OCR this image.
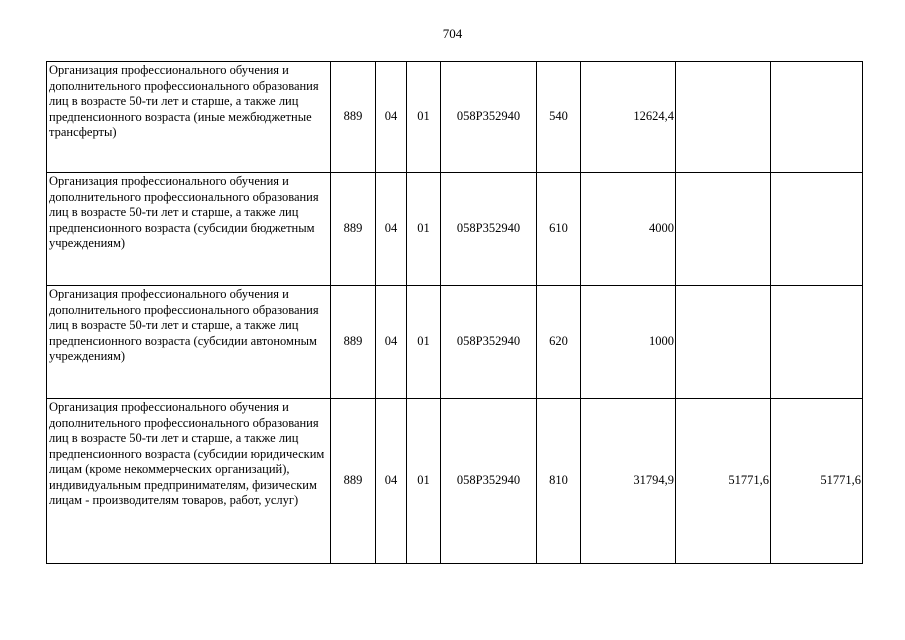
704
Организация профессионального обучения и дополнительного профессионального образования лиц в возрасте 50-ти лет и старше, а также лиц предпенсионного возраста (иные межбюджетные трансферты)	889	04	01	058Р352940	540	12624,4		
Организация профессионального обучения и дополнительного профессионального образования лиц в возрасте 50-ти лет и старше, а также лиц предпенсионного возраста (субсидии бюджетным учреждениям)	889	04	01	058Р352940	610	4000		
Организация профессионального обучения и дополнительного профессионального образования лиц в возрасте 50-ти лет и старше, а также лиц предпенсионного возраста (субсидии автономным учреждениям)	889	04	01	058Р352940	620	1000		
Организация профессионального обучения и дополнительного профессионального образования лиц в возрасте 50-ти лет и старше, а также лиц предпенсионного возраста (субсидии юридическим лицам (кроме некоммерческих организаций), индивидуальным предпринимателям, физическим лицам - производителям товаров, работ, услуг)	889	04	01	058Р352940	810	31794,9	51771,6	51771,6
